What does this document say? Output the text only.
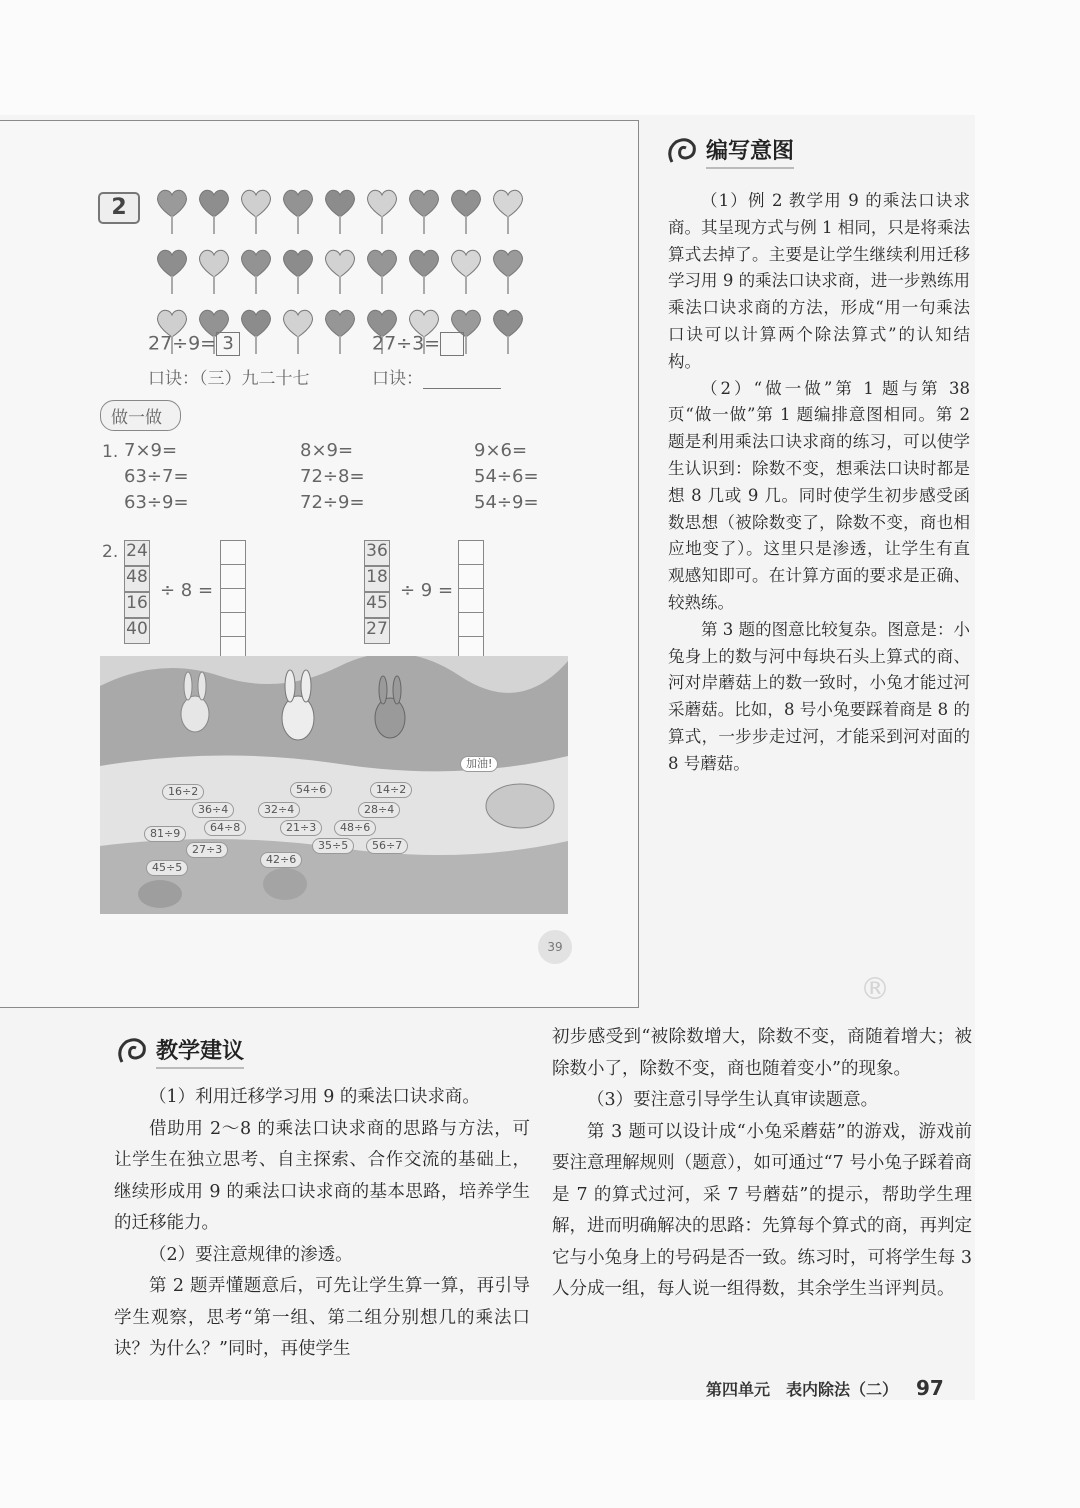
2
27÷9= 3	27÷3=
口诀：（三）九二十七	口诀：
做一做
1. 7×9=	8×9=	9×6=
63÷7=	72÷8=	54÷6=
63÷9=	72÷9=	54÷9=
2. 24
48
16
40
÷ 8 =
36
18
45
27
÷ 9 =
加油!
16÷2	54÷6	14÷2
36÷4	32÷4	28÷4
64÷8	21÷3	48÷6
81÷9
35÷5	56÷7
27÷3
42÷6
45÷5
39
编写意图

（1）例 2 教学用 9 的乘法口诀求商。其呈现方式与例 1 相同，只是将乘法算式去掉了。主要是让学生继续利用迁移学习用 9 的乘法口诀求商，进一步熟练用乘法口诀求商的方法，形成“用一句乘法口诀可以计算两个除法算式”的认知结构。

（2）“做一做”第 1 题与第 38 页“做一做”第 1 题编排意图相同。第 2 题是利用乘法口诀求商的练习，可以使学生认识到：除数不变，想乘法口诀时都是想 8 几或 9 几。同时使学生初步感受函数思想（被除数变了，除数不变，商也相应地变了）。这里只是渗透，让学生有直观感知即可。在计算方面的要求是正确、较熟练。

第 3 题的图意比较复杂。图意是：小兔身上的数与河中每块石头上算式的商、河对岸蘑菇上的数一致时，小兔才能过河采蘑菇。比如，8 号小兔要踩着商是 8 的算式，一步步走过河，才能采到河对面的 8 号蘑菇。

教学建议

（1）利用迁移学习用 9 的乘法口诀求商。

借助用 2～8 的乘法口诀求商的思路与方法，可让学生在独立思考、自主探索、合作交流的基础上，继续形成用 9 的乘法口诀求商的基本思路，培养学生的迁移能力。

（2）要注意规律的渗透。

第 2 题弄懂题意后，可先让学生算一算，再引导学生观察，思考“第一组、第二组分别想几的乘法口诀？为什么？”同时，再使学生

初步感受到“被除数增大，除数不变，商随着增大；被除数小了，除数不变，商也随着变小”的现象。

（3）要注意引导学生认真审读题意。

第 3 题可以设计成“小兔采蘑菇”的游戏，游戏前要注意理解规则（题意），如可通过“7 号小兔子踩着商是 7 的算式过河，采 7 号蘑菇”的提示，帮助学生理解，进而明确解决的思路：先算每个算式的商，再判定它与小兔身上的号码是否一致。练习时，可将学生每 3 人分成一组，每人说一组得数，其余学生当评判员。

®
第四单元　表内除法（二） 97
